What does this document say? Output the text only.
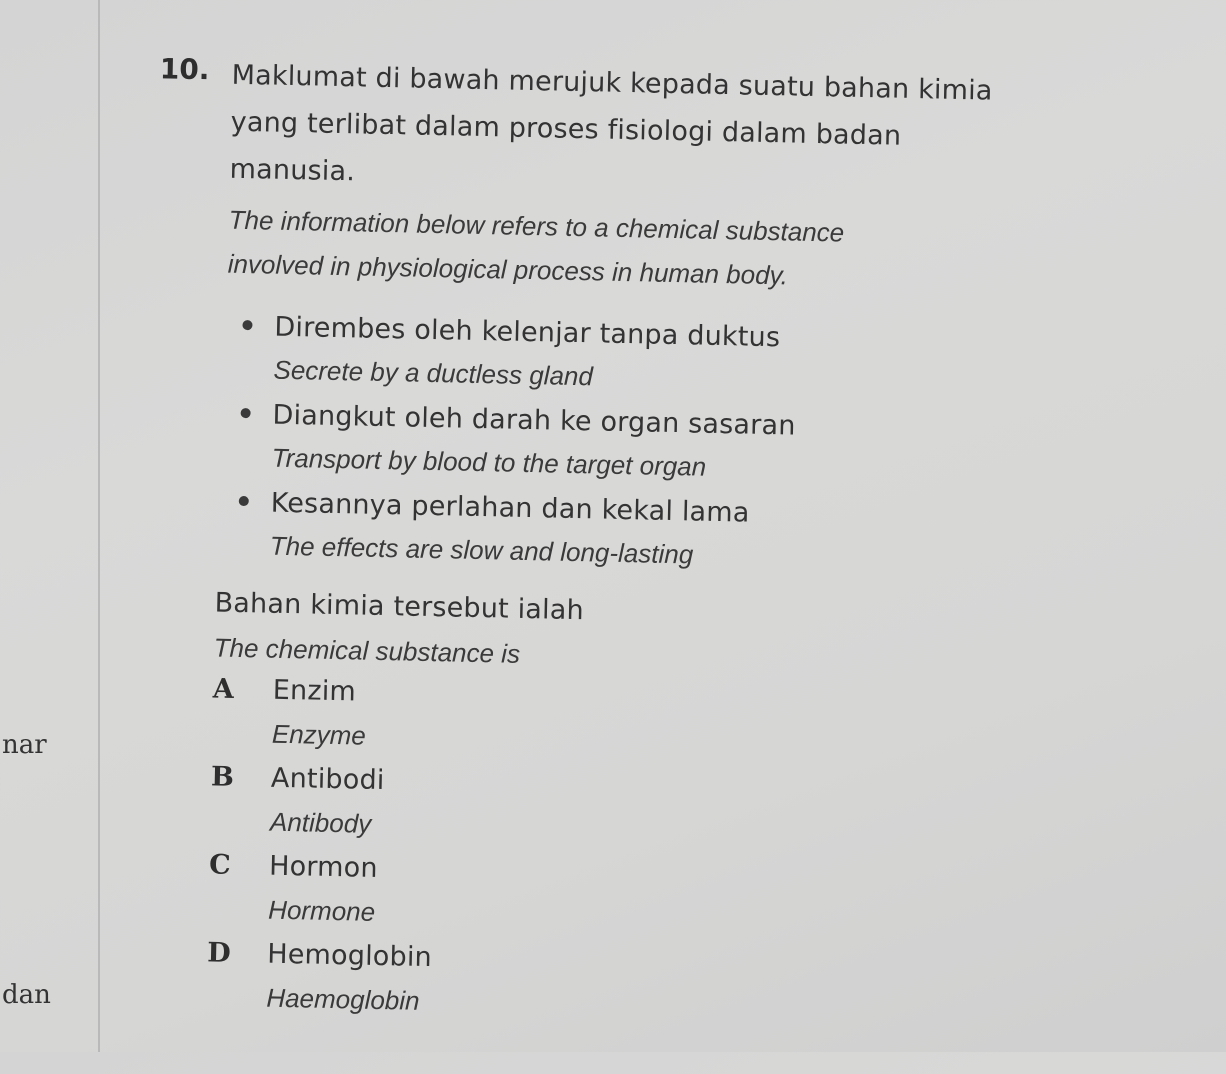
nar
dan
10. Maklumat di bawah merujuk kepada suatu bahan kimia
yang terlibat dalam proses fisiologi dalam badan
manusia.
The information below refers to a chemical substance
involved in physiological process in human body.
Dirembes oleh kelenjar tanpa duktus
Secrete by a ductless gland
Diangkut oleh darah ke organ sasaran
Transport by blood to the target organ
Kesannya perlahan dan kekal lama
The effects are slow and long-lasting
Bahan kimia tersebut ialah
The chemical substance is
A Enzim
Enzyme
B Antibodi
Antibody
C Hormon
Hormone
D Hemoglobin
Haemoglobin
